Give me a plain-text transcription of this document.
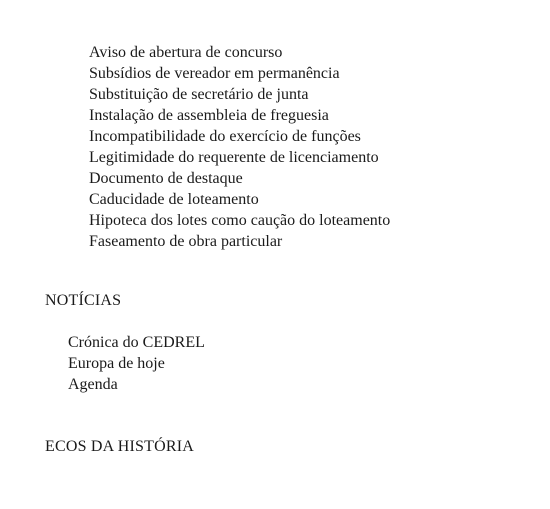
Aviso de abertura de concurso
Subsídios de vereador em permanência
Substituição de secretário de junta
Instalação de assembleia de freguesia
Incompatibilidade do exercício de funções
Legitimidade do requerente de licenciamento
Documento de destaque
Caducidade de loteamento
Hipoteca dos lotes como caução do loteamento
Faseamento de obra particular
NOTÍCIAS
Crónica do CEDREL
Europa de hoje
Agenda
ECOS DA HISTÓRIA
